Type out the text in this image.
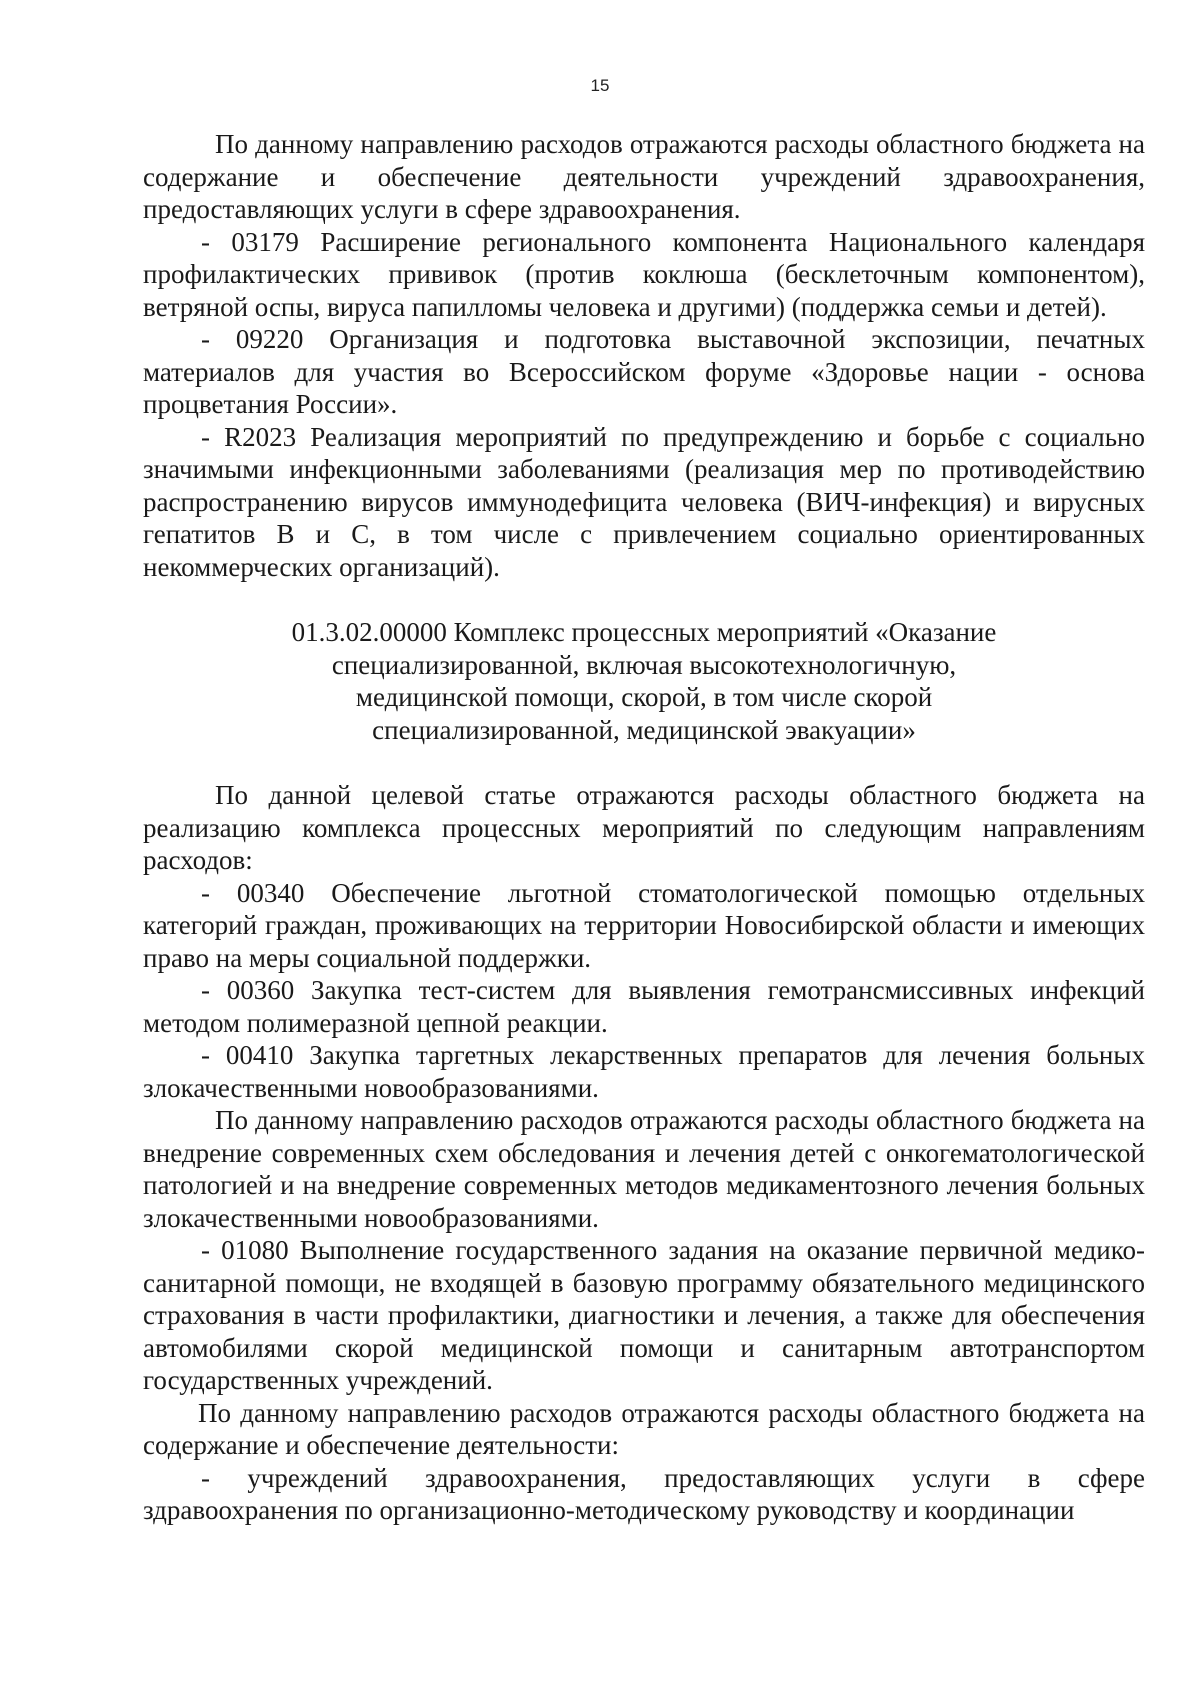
15

По данному направлению расходов отражаются расходы областного бюджета на содержание и обеспечение деятельности учреждений здравоохранения, предоставляющих услуги в сфере здравоохранения.

- 03179 Расширение регионального компонента Национального календаря профилактических прививок (против коклюша (бесклеточным компонентом), ветряной оспы, вируса папилломы человека и другими) (поддержка семьи и детей).

- 09220 Организация и подготовка выставочной экспозиции, печатных материалов для участия во Всероссийском форуме «Здоровье нации - основа процветания России».

- R2023 Реализация мероприятий по предупреждению и борьбе с социально значимыми инфекционными заболеваниями (реализация мер по противодействию распространению вирусов иммунодефицита человека (ВИЧ-инфекция) и вирусных гепатитов В и С, в том числе с привлечением социально ориентированных некоммерческих организаций).

01.3.02.00000 Комплекс процессных мероприятий «Оказание
специализированной, включая высокотехнологичную,
медицинской помощи, скорой, в том числе скорой
специализированной, медицинской эвакуации»

По данной целевой статье отражаются расходы областного бюджета на реализацию комплекса процессных мероприятий по следующим направлениям расходов:

- 00340 Обеспечение льготной стоматологической помощью отдельных категорий граждан, проживающих на территории Новосибирской области и имеющих право на меры социальной поддержки.

- 00360 Закупка тест-систем для выявления гемотрансмиссивных инфекций методом полимеразной цепной реакции.

- 00410 Закупка таргетных лекарственных препаратов для лечения больных злокачественными новообразованиями.

По данному направлению расходов отражаются расходы областного бюджета на внедрение современных схем обследования и лечения детей с онкогематологической патологией и на внедрение современных методов медикаментозного лечения больных злокачественными новообразованиями.

- 01080 Выполнение государственного задания на оказание первичной медико-санитарной помощи, не входящей в базовую программу обязательного медицинского страхования в части профилактики, диагностики и лечения, а также для обеспечения автомобилями скорой медицинской помощи и санитарным автотранспортом государственных учреждений.

По данному направлению расходов отражаются расходы областного бюджета на содержание и обеспечение деятельности:

- учреждений здравоохранения, предоставляющих услуги в сфере здравоохранения по организационно-методическому руководству и координации
